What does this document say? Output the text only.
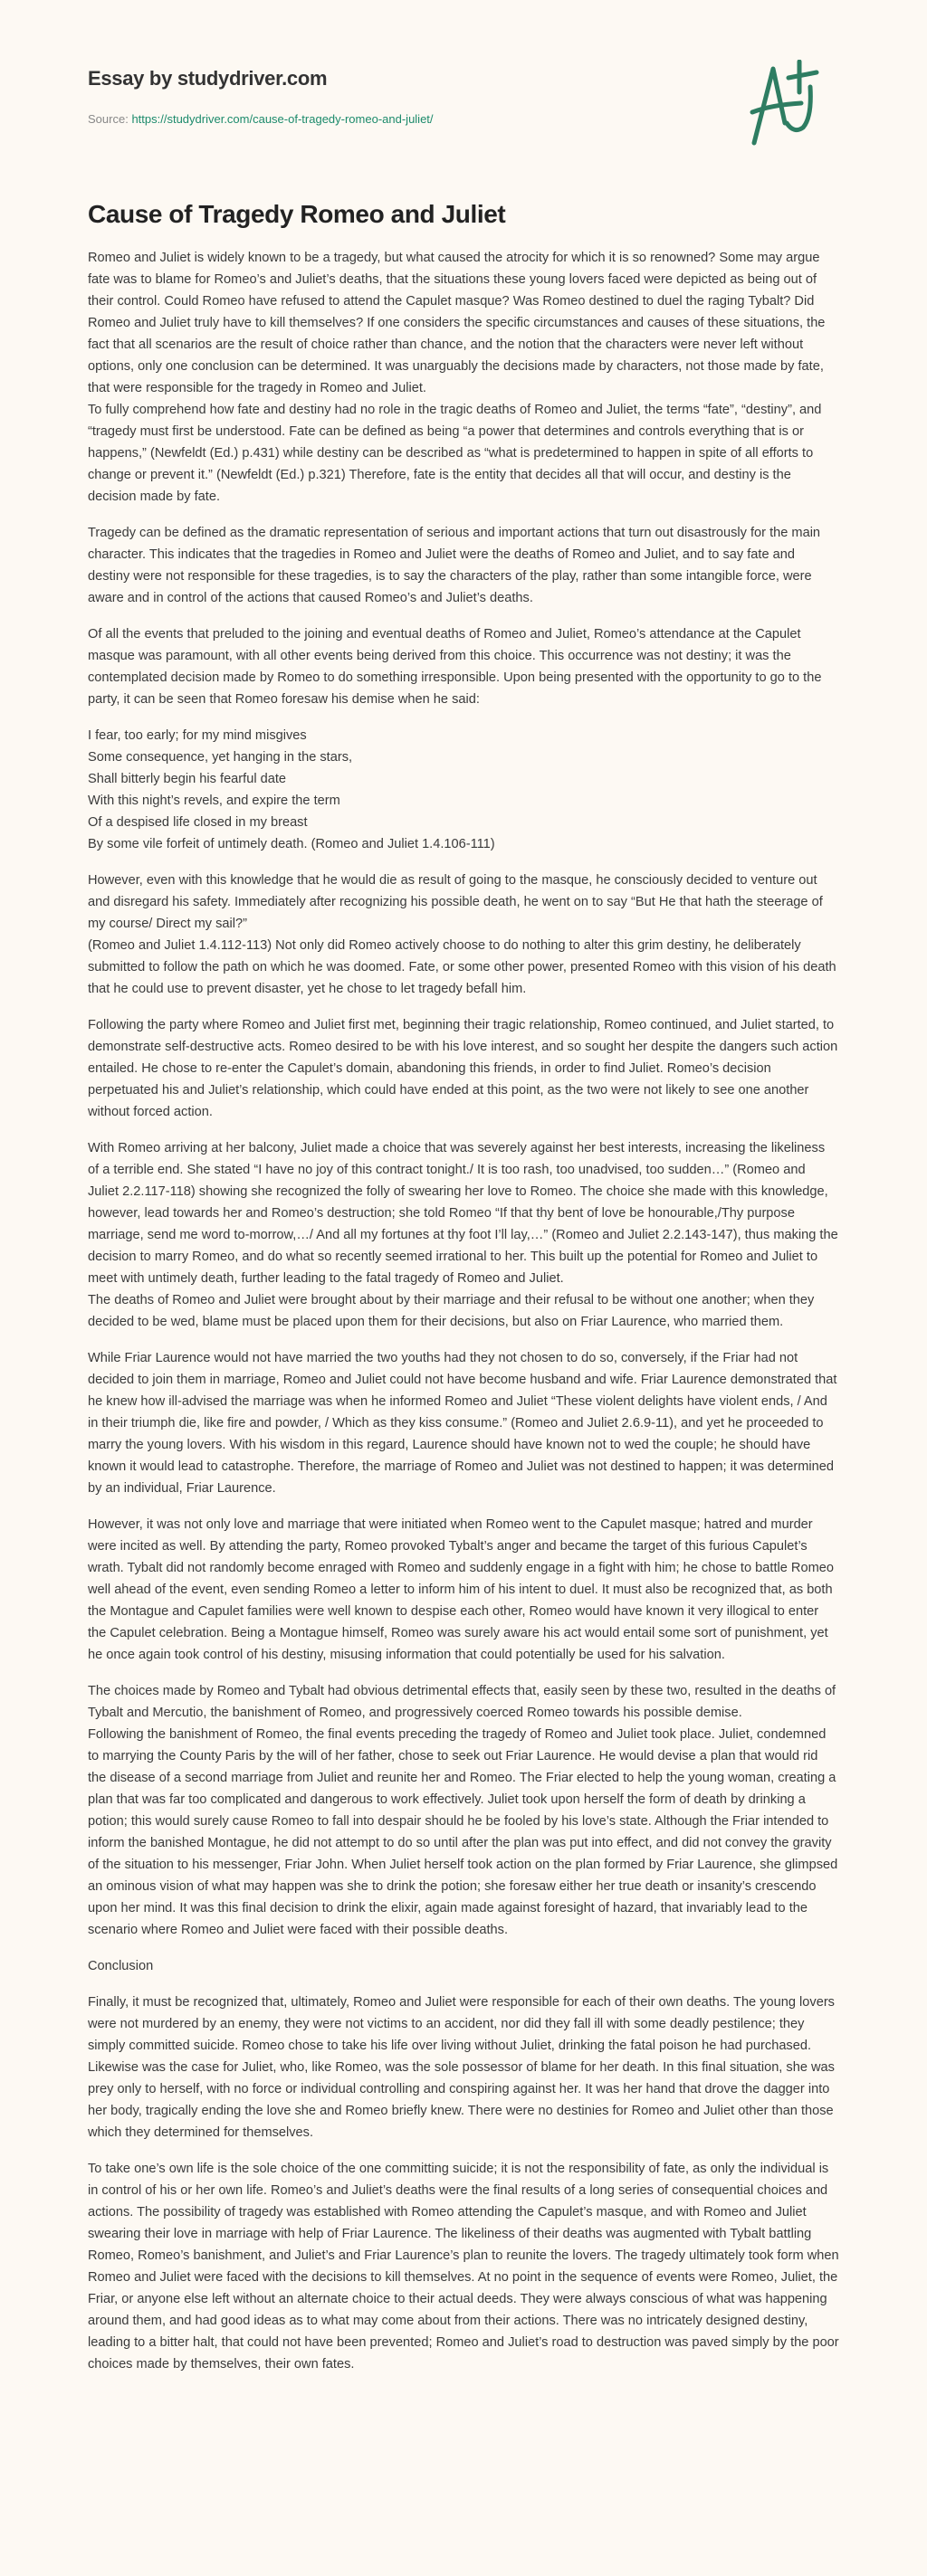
Essay by studydriver.com
Source: https://studydriver.com/cause-of-tragedy-romeo-and-juliet/
Cause of Tragedy Romeo and Juliet

Romeo and Juliet is widely known to be a tragedy, but what caused the atrocity for which it is so renowned? Some may argue fate was to blame for Romeo’s and Juliet’s deaths, that the situations these young lovers faced were depicted as being out of their control. Could Romeo have refused to attend the Capulet masque? Was Romeo destined to duel the raging Tybalt? Did Romeo and Juliet truly have to kill themselves? If one considers the specific circumstances and causes of these situations, the fact that all scenarios are the result of choice rather than chance, and the notion that the characters were never left without options, only one conclusion can be determined. It was unarguably the decisions made by characters, not those made by fate, that were responsible for the tragedy in Romeo and Juliet.
To fully comprehend how fate and destiny had no role in the tragic deaths of Romeo and Juliet, the terms “fate”, “destiny”, and “tragedy must first be understood. Fate can be defined as being “a power that determines and controls everything that is or happens,” (Newfeldt (Ed.) p.431) while destiny can be described as “what is predetermined to happen in spite of all efforts to change or prevent it.” (Newfeldt (Ed.) p.321) Therefore, fate is the entity that decides all that will occur, and destiny is the decision made by fate.

Tragedy can be defined as the dramatic representation of serious and important actions that turn out disastrously for the main character. This indicates that the tragedies in Romeo and Juliet were the deaths of Romeo and Juliet, and to say fate and destiny were not responsible for these tragedies, is to say the characters of the play, rather than some intangible force, were aware and in control of the actions that caused Romeo’s and Juliet’s deaths.

Of all the events that preluded to the joining and eventual deaths of Romeo and Juliet, Romeo’s attendance at the Capulet masque was paramount, with all other events being derived from this choice. This occurrence was not destiny; it was the contemplated decision made by Romeo to do something irresponsible. Upon being presented with the opportunity to go to the party, it can be seen that Romeo foresaw his demise when he said:

I fear, too early; for my mind misgives
Some consequence, yet hanging in the stars,
Shall bitterly begin his fearful date
With this night’s revels, and expire the term
Of a despised life closed in my breast
By some vile forfeit of untimely death. (Romeo and Juliet 1.4.106-111)

However, even with this knowledge that he would die as result of going to the masque, he consciously decided to venture out and disregard his safety. Immediately after recognizing his possible death, he went on to say “But He that hath the steerage of my course/ Direct my sail?”
(Romeo and Juliet 1.4.112-113) Not only did Romeo actively choose to do nothing to alter this grim destiny, he deliberately submitted to follow the path on which he was doomed. Fate, or some other power, presented Romeo with this vision of his death that he could use to prevent disaster, yet he chose to let tragedy befall him.

Following the party where Romeo and Juliet first met, beginning their tragic relationship, Romeo continued, and Juliet started, to demonstrate self-destructive acts. Romeo desired to be with his love interest, and so sought her despite the dangers such action entailed. He chose to re-enter the Capulet’s domain, abandoning this friends, in order to find Juliet. Romeo’s decision perpetuated his and Juliet’s relationship, which could have ended at this point, as the two were not likely to see one another without forced action.

With Romeo arriving at her balcony, Juliet made a choice that was severely against her best interests, increasing the likeliness of a terrible end. She stated “I have no joy of this contract tonight./ It is too rash, too unadvised, too sudden…” (Romeo and Juliet 2.2.117-118) showing she recognized the folly of swearing her love to Romeo. The choice she made with this knowledge, however, lead towards her and Romeo’s destruction; she told Romeo “If that thy bent of love be honourable,/Thy purpose marriage, send me word to-morrow,…/ And all my fortunes at thy foot I’ll lay,…” (Romeo and Juliet 2.2.143-147), thus making the decision to marry Romeo, and do what so recently seemed irrational to her. This built up the potential for Romeo and Juliet to meet with untimely death, further leading to the fatal tragedy of Romeo and Juliet.
The deaths of Romeo and Juliet were brought about by their marriage and their refusal to be without one another; when they decided to be wed, blame must be placed upon them for their decisions, but also on Friar Laurence, who married them.

While Friar Laurence would not have married the two youths had they not chosen to do so, conversely, if the Friar had not decided to join them in marriage, Romeo and Juliet could not have become husband and wife. Friar Laurence demonstrated that he knew how ill-advised the marriage was when he informed Romeo and Juliet “These violent delights have violent ends, / And in their triumph die, like fire and powder, / Which as they kiss consume.” (Romeo and Juliet 2.6.9-11), and yet he proceeded to marry the young lovers. With his wisdom in this regard, Laurence should have known not to wed the couple; he should have known it would lead to catastrophe. Therefore, the marriage of Romeo and Juliet was not destined to happen; it was determined by an individual, Friar Laurence.

However, it was not only love and marriage that were initiated when Romeo went to the Capulet masque; hatred and murder were incited as well. By attending the party, Romeo provoked Tybalt’s anger and became the target of this furious Capulet’s wrath. Tybalt did not randomly become enraged with Romeo and suddenly engage in a fight with him; he chose to battle Romeo well ahead of the event, even sending Romeo a letter to inform him of his intent to duel. It must also be recognized that, as both the Montague and Capulet families were well known to despise each other, Romeo would have known it very illogical to enter the Capulet celebration. Being a Montague himself, Romeo was surely aware his act would entail some sort of punishment, yet he once again took control of his destiny, misusing information that could potentially be used for his salvation.

The choices made by Romeo and Tybalt had obvious detrimental effects that, easily seen by these two, resulted in the deaths of Tybalt and Mercutio, the banishment of Romeo, and progressively coerced Romeo towards his possible demise.
Following the banishment of Romeo, the final events preceding the tragedy of Romeo and Juliet took place. Juliet, condemned to marrying the County Paris by the will of her father, chose to seek out Friar Laurence. He would devise a plan that would rid the disease of a second marriage from Juliet and reunite her and Romeo. The Friar elected to help the young woman, creating a plan that was far too complicated and dangerous to work effectively. Juliet took upon herself the form of death by drinking a potion; this would surely cause Romeo to fall into despair should he be fooled by his love’s state. Although the Friar intended to inform the banished Montague, he did not attempt to do so until after the plan was put into effect, and did not convey the gravity of the situation to his messenger, Friar John. When Juliet herself took action on the plan formed by Friar Laurence, she glimpsed an ominous vision of what may happen was she to drink the potion; she foresaw either her true death or insanity’s crescendo upon her mind. It was this final decision to drink the elixir, again made against foresight of hazard, that invariably lead to the scenario where Romeo and Juliet were faced with their possible deaths.

Conclusion

Finally, it must be recognized that, ultimately, Romeo and Juliet were responsible for each of their own deaths. The young lovers were not murdered by an enemy, they were not victims to an accident, nor did they fall ill with some deadly pestilence; they simply committed suicide. Romeo chose to take his life over living without Juliet, drinking the fatal poison he had purchased. Likewise was the case for Juliet, who, like Romeo, was the sole possessor of blame for her death. In this final situation, she was prey only to herself, with no force or individual controlling and conspiring against her. It was her hand that drove the dagger into her body, tragically ending the love she and Romeo briefly knew. There were no destinies for Romeo and Juliet other than those which they determined for themselves.

To take one’s own life is the sole choice of the one committing suicide; it is not the responsibility of fate, as only the individual is in control of his or her own life. Romeo’s and Juliet’s deaths were the final results of a long series of consequential choices and actions. The possibility of tragedy was established with Romeo attending the Capulet’s masque, and with Romeo and Juliet swearing their love in marriage with help of Friar Laurence. The likeliness of their deaths was augmented with Tybalt battling Romeo, Romeo’s banishment, and Juliet’s and Friar Laurence’s plan to reunite the lovers. The tragedy ultimately took form when Romeo and Juliet were faced with the decisions to kill themselves. At no point in the sequence of events were Romeo, Juliet, the Friar, or anyone else left without an alternate choice to their actual deeds. They were always conscious of what was happening around them, and had good ideas as to what may come about from their actions. There was no intricately designed destiny, leading to a bitter halt, that could not have been prevented; Romeo and Juliet’s road to destruction was paved simply by the poor choices made by themselves, their own fates.
